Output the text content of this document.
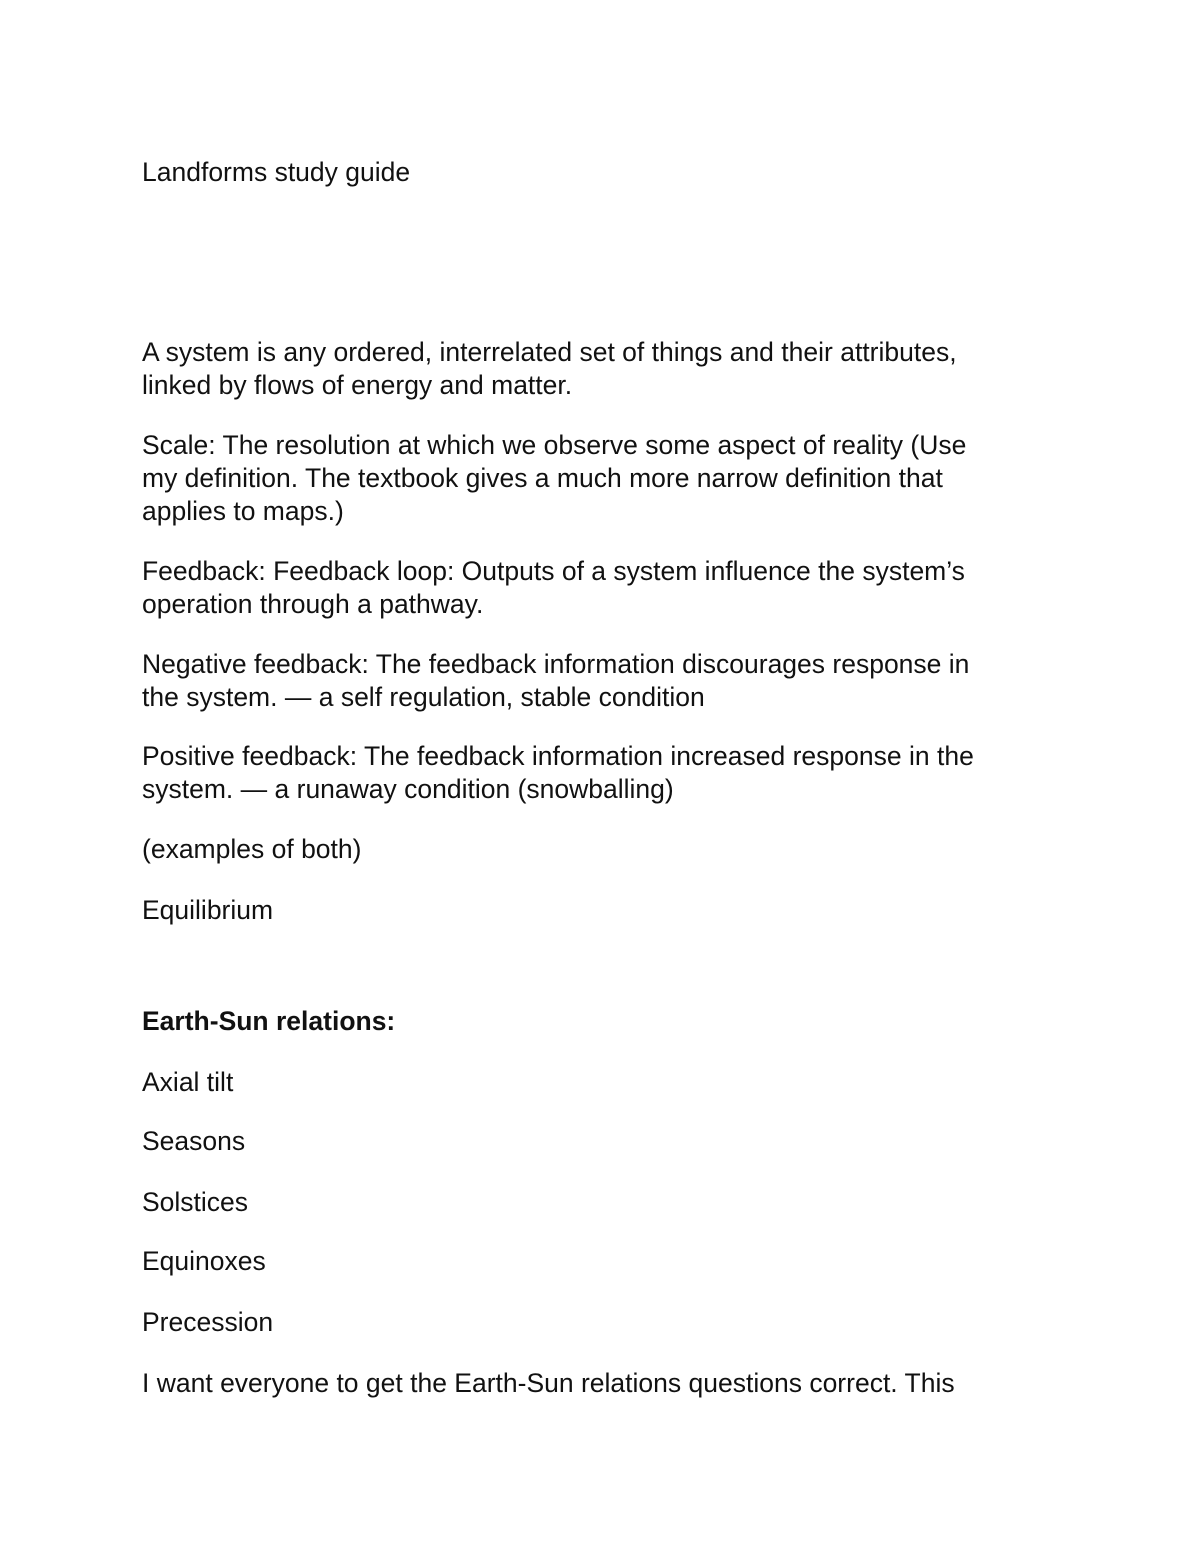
Landforms study guide

A system is any ordered, interrelated set of things and their attributes,

linked by flows of energy and matter.

Scale: The resolution at which we observe some aspect of reality (Use

my definition. The textbook gives a much more narrow definition that

applies to maps.)

Feedback: Feedback loop: Outputs of a system influence the system’s

operation through a pathway.

Negative feedback: The feedback information discourages response in

the system. — a self regulation, stable condition

Positive feedback: The feedback information increased response in the

system. — a runaway condition (snowballing)

(examples of both)

Equilibrium

Earth-Sun relations:

Axial tilt

Seasons

Solstices

Equinoxes

Precession

I want everyone to get the Earth-Sun relations questions correct. This
